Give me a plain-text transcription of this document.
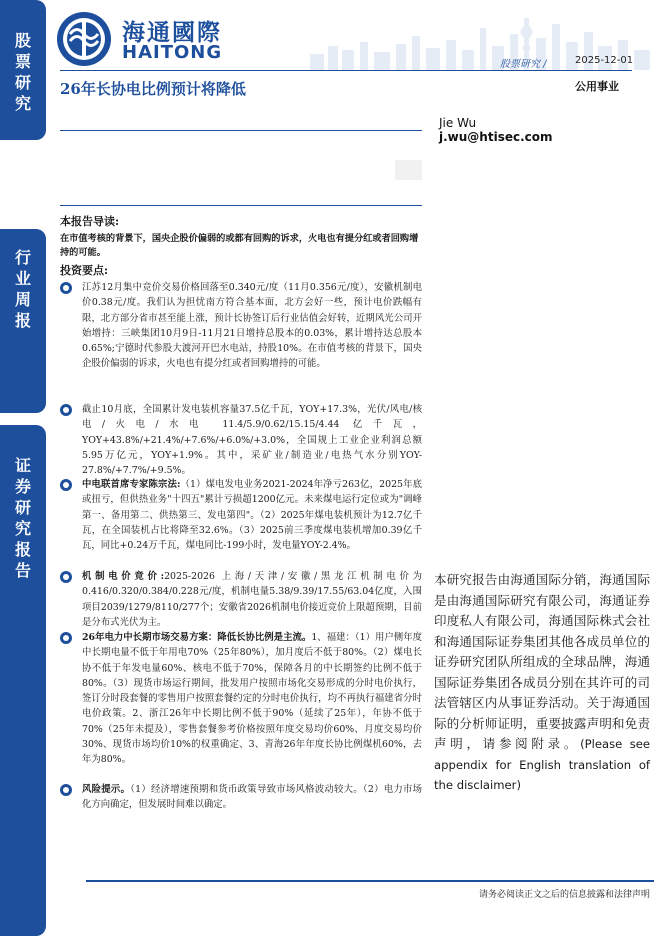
股
票
研
究
行
业
周
报
证
券
研
究
报
告
海通國際
HAITONG
股票研究 /	2025-12-01
公用事业
26年长协电比例预计将降低
Jie Wu
j.wu@htisec.com
本报告导读:
在市值考核的背景下，国央企股价偏弱的或都有回购的诉求，火电也有提分红或者回购增持的可能。
投资要点:
江苏12月集中竞价交易价格回落至0.340元/度（11月0.356元/度），安徽机制电价0.38元/度。我们认为担忧南方符合基本面，北方会好一些，预计电价跌幅有限，北方部分省市甚至能上涨，预计长协签订后行业估值会好转，近期风光公司开始增持：三峡集团10月9日-11月21日增持总股本的0.03%，累计增持达总股本0.65%;宁德时代参股大渡河开巴水电站，持股10%。在市值考核的背景下，国央企股价偏弱的诉求，火电也有提分红或者回购增持的可能。
截止10月底，全国累计发电装机容量37.5亿千瓦，YOY+17.3%，光伏/风电/核电/火电/水电 11.4/5.9/0.62/15.15/4.44 亿千瓦，YOY+43.8%/+21.4%/+7.6%/+6.0%/+3.0%，全国规上工业企业利润总额5.95万亿元，YOY+1.9%。其中，采矿业/制造业/电热气水分别YOY-27.8%/+7.7%/+9.5%。
中电联首席专家陈宗法:（1）煤电发电业务2021-2024年净亏263亿，2025年底或扭亏，但供热业务"十四五"累计亏损超1200亿元。未来煤电运行定位或为"调峰第一、备用第二、供热第三、发电第四"。（2）2025年煤电装机预计为12.7亿千瓦，在全国装机占比将降至32.6%。（3）2025前三季度煤电装机增加0.39亿千瓦，同比+0.24万千瓦，煤电同比-199小时，发电量YOY-2.4%。
机制电价竞价:2025-2026 上海/天津/安徽/黑龙江机制电价为0.416/0.320/0.384/0.228元/度，机制电量5.38/9.39/17.55/63.04亿度，入围项目2039/1279/8110/277个；安徽省2026机制电价接近竞价上限超预期，目前是分布式光伏为主。
26年电力中长期市场交易方案：降低长协比例是主流。1、福建：（1）用户侧年度中长期电量不低于年用电70%（25年80%），加月度后不低于80%。（2）煤电长协不低于年发电量60%、核电不低于70%，保障各月的中长期签约比例不低于80%。（3）现货市场运行期间，批发用户按照市场化交易形成的分时电价执行，签订分时段套餐的零售用户按照套餐约定的分时电价执行，均不再执行福建省分时电价政策。2、浙江26年中长期比例不低于90%（延续了25年），年协不低于70%（25年未提及），零售套餐参考价格按照年度交易均价60%、月度交易均价30%、现货市场均价10%的权重确定、3、青海26年年度长协比例煤机60%，去年为80%。
风险提示。（1）经济增速预期和货币政策导致市场风格波动较大。（2）电力市场化方向确定，但发展时间难以确定。
本研究报告由海通国际分销，海通国际是由海通国际研究有限公司，海通证券印度私人有限公司，海通国际株式会社和海通国际证券集团其他各成员单位的证券研究团队所组成的全球品牌，海通国际证券集团各成员分别在其许可的司法管辖区内从事证券活动。关于海通国际的分析师证明，重要披露声明和免责声明，请参阅附录。(Please see appendix for English translation of the disclaimer)
请务必阅读正文之后的信息披露和法律声明
